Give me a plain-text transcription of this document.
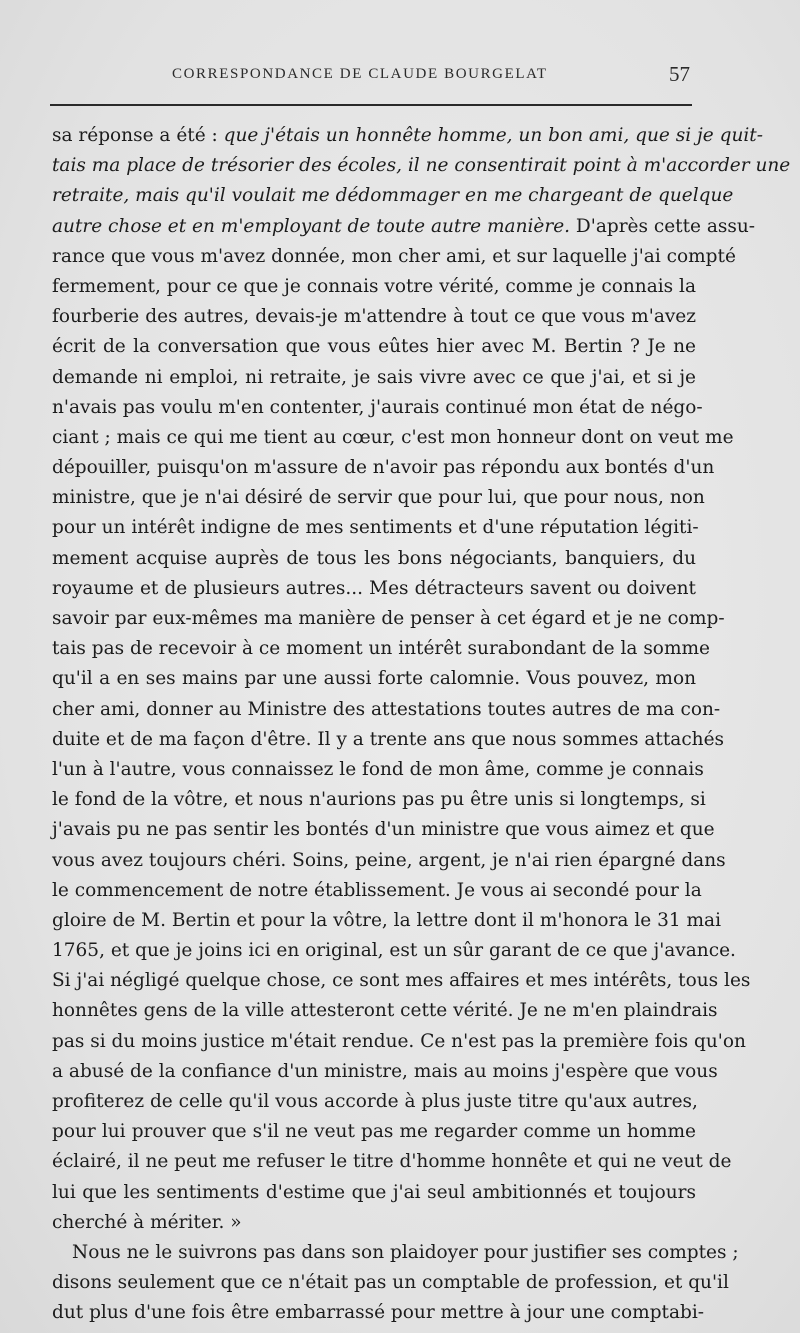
CORRESPONDANCE DE CLAUDE BOURGELAT	57
sa réponse a été : que j'étais un honnête homme, un bon ami, que si je quit-
tais ma place de trésorier des écoles, il ne consentirait point à m'accorder une
retraite, mais qu'il voulait me dédommager en me chargeant de quelque
autre chose et en m'employant de toute autre manière. D'après cette assu-
rance que vous m'avez donnée, mon cher ami, et sur laquelle j'ai compté
fermement, pour ce que je connais votre vérité, comme je connais la
fourberie des autres, devais-je m'attendre à tout ce que vous m'avez
écrit de la conversation que vous eûtes hier avec M. Bertin ? Je ne
demande ni emploi, ni retraite, je sais vivre avec ce que j'ai, et si je
n'avais pas voulu m'en contenter, j'aurais continué mon état de négo-
ciant ; mais ce qui me tient au cœur, c'est mon honneur dont on veut me
dépouiller, puisqu'on m'assure de n'avoir pas répondu aux bontés d'un
ministre, que je n'ai désiré de servir que pour lui, que pour nous, non
pour un intérêt indigne de mes sentiments et d'une réputation légiti-
mement acquise auprès de tous les bons négociants, banquiers, du
royaume et de plusieurs autres... Mes détracteurs savent ou doivent
savoir par eux-mêmes ma manière de penser à cet égard et je ne comp-
tais pas de recevoir à ce moment un intérêt surabondant de la somme
qu'il a en ses mains par une aussi forte calomnie. Vous pouvez, mon
cher ami, donner au Ministre des attestations toutes autres de ma con-
duite et de ma façon d'être. Il y a trente ans que nous sommes attachés
l'un à l'autre, vous connaissez le fond de mon âme, comme je connais
le fond de la vôtre, et nous n'aurions pas pu être unis si longtemps, si
j'avais pu ne pas sentir les bontés d'un ministre que vous aimez et que
vous avez toujours chéri. Soins, peine, argent, je n'ai rien épargné dans
le commencement de notre établissement. Je vous ai secondé pour la
gloire de M. Bertin et pour la vôtre, la lettre dont il m'honora le 31 mai
1765, et que je joins ici en original, est un sûr garant de ce que j'avance.
Si j'ai négligé quelque chose, ce sont mes affaires et mes intérêts, tous les
honnêtes gens de la ville attesteront cette vérité. Je ne m'en plaindrais
pas si du moins justice m'était rendue. Ce n'est pas la première fois qu'on
a abusé de la confiance d'un ministre, mais au moins j'espère que vous
profiterez de celle qu'il vous accorde à plus juste titre qu'aux autres,
pour lui prouver que s'il ne veut pas me regarder comme un homme
éclairé, il ne peut me refuser le titre d'homme honnête et qui ne veut de
lui que les sentiments d'estime que j'ai seul ambitionnés et toujours
cherché à mériter. »
Nous ne le suivrons pas dans son plaidoyer pour justifier ses comptes ;
disons seulement que ce n'était pas un comptable de profession, et qu'il
dut plus d'une fois être embarrassé pour mettre à jour une comptabi-
